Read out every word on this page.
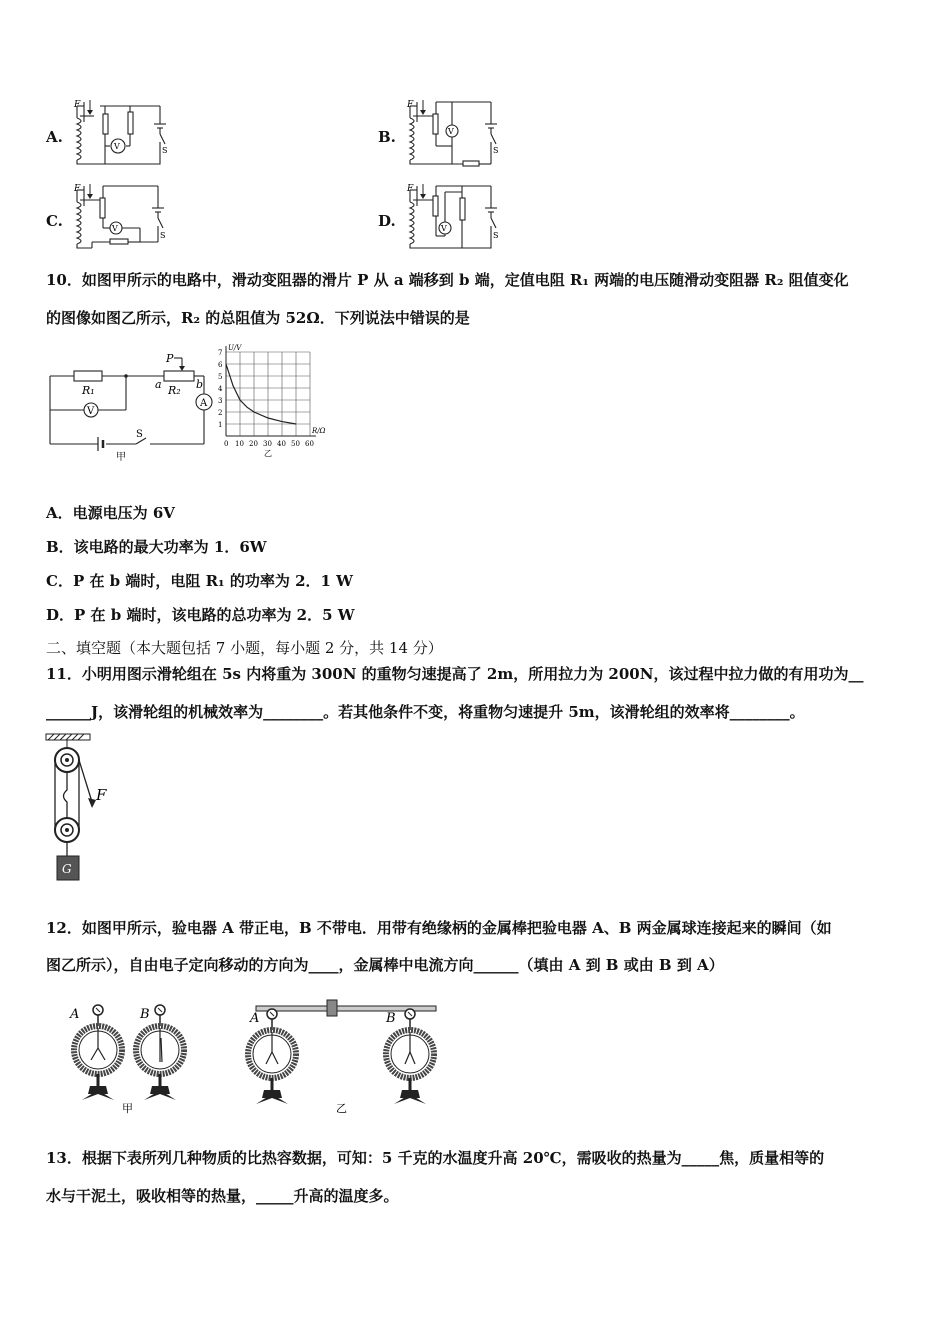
A.	B.
C.	D.
F
V	S
F
V
S
F
V
S
F
V
S
10．如图甲所示的电路中，滑动变阻器的滑片 P 从 a 端移到 b 端，定值电阻 R₁ 两端的电压随滑动变阻器 R₂ 阻值变化
的图像如图乙所示，R₂ 的总阻值为 52Ω．下列说法中错误的是
R₁	R₂
P
a	b
V
A
S
甲
0 10 20 30 40 50 60
1
2
3
4
5
6
7
U/V
R/Ω
乙
A．电源电压为 6V
B．该电路的最大功率为 1．6W
C．P 在 b 端时，电阻 R₁ 的功率为 2．1 W
D．P 在 b 端时，该电路的总功率为 2．5 W
二、填空题（本大题包括 7 小题，每小题 2 分，共 14 分）
11．小明用图示滑轮组在 5s 内将重为 300N 的重物匀速提高了 2m，所用拉力为 200N，该过程中拉力做的有用功为__
______J，该滑轮组的机械效率为________。若其他条件不变，将重物匀速提升 5m，该滑轮组的效率将________。
F
G
12．如图甲所示，验电器 A 带正电，B 不带电．用带有绝缘柄的金属棒把验电器 A、B 两金属球连接起来的瞬间（如
图乙所示），自由电子定向移动的方向为____，金属棒中电流方向______（填由 A 到 B 或由 B 到 A）
A	B
甲
A	B
乙
13．根据下表所列几种物质的比热容数据，可知：5 千克的水温度升高 20℃，需吸收的热量为_____焦，质量相等的
水与干泥土，吸收相等的热量，_____升高的温度多。
